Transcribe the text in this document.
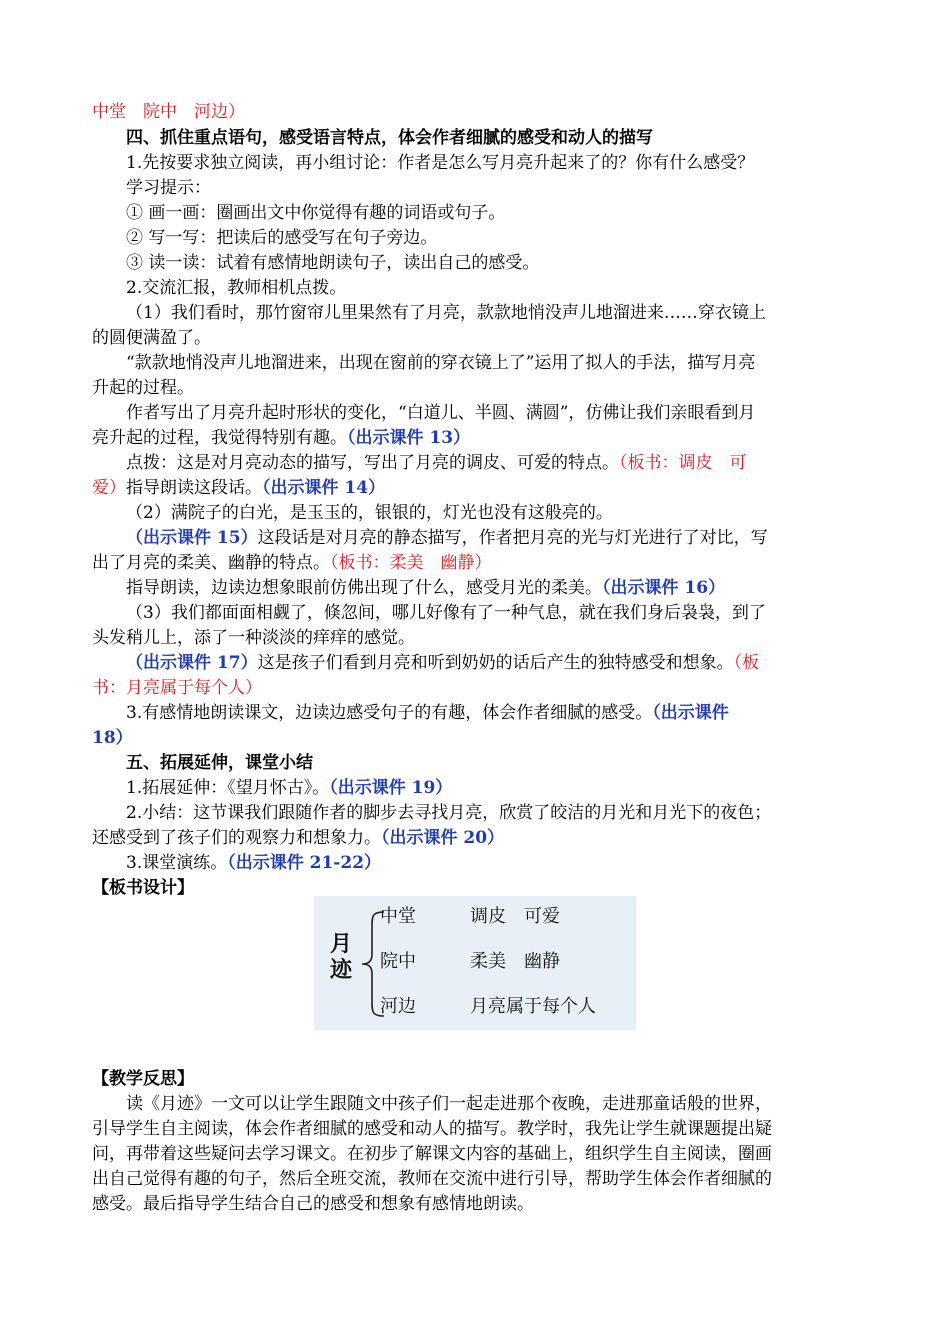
中堂　院中　河边）
四、抓住重点语句，感受语言特点，体会作者细腻的感受和动人的描写
1.先按要求独立阅读，再小组讨论：作者是怎么写月亮升起来了的？你有什么感受？
学习提示：
① 画一画：圈画出文中你觉得有趣的词语或句子。
② 写一写：把读后的感受写在句子旁边。
③ 读一读：试着有感情地朗读句子，读出自己的感受。
2.交流汇报，教师相机点拨。
（1）我们看时，那竹窗帘儿里果然有了月亮，款款地悄没声儿地溜进来……穿衣镜上
的圆便满盈了。
“款款地悄没声儿地溜进来，出现在窗前的穿衣镜上了”运用了拟人的手法，描写月亮
升起的过程。
作者写出了月亮升起时形状的变化，“白道儿、半圆、满圆”，仿佛让我们亲眼看到月
亮升起的过程，我觉得特别有趣。（出示课件 13）
点拨：这是对月亮动态的描写，写出了月亮的调皮、可爱的特点。（板书：调皮　可
爱）指导朗读这段话。（出示课件 14）
（2）满院子的白光，是玉玉的，银银的，灯光也没有这般亮的。
（出示课件 15）这段话是对月亮的静态描写，作者把月亮的光与灯光进行了对比，写
出了月亮的柔美、幽静的特点。（板书：柔美　幽静）
指导朗读，边读边想象眼前仿佛出现了什么，感受月光的柔美。（出示课件 16）
（3）我们都面面相觑了，倏忽间，哪儿好像有了一种气息，就在我们身后袅袅，到了
头发稍儿上，添了一种淡淡的痒痒的感觉。
（出示课件 17）这是孩子们看到月亮和听到奶奶的话后产生的独特感受和想象。（板
书：月亮属于每个人）
3.有感情地朗读课文，边读边感受句子的有趣，体会作者细腻的感受。（出示课件
18）
五、拓展延伸，课堂小结
1.拓展延伸：《望月怀古》。（出示课件 19）
2.小结：这节课我们跟随作者的脚步去寻找月亮，欣赏了皎洁的月光和月光下的夜色；
还感受到了孩子们的观察力和想象力。（出示课件 20）
3.课堂演练。（出示课件 21-22）
【板书设计】
月迹
中堂	调皮　可爱
院中	柔美　幽静
河边	月亮属于每个人
【教学反思】
读《月迹》一文可以让学生跟随文中孩子们一起走进那个夜晚，走进那童话般的世界，
引导学生自主阅读，体会作者细腻的感受和动人的描写。教学时，我先让学生就课题提出疑
问，再带着这些疑问去学习课文。在初步了解课文内容的基础上，组织学生自主阅读，圈画
出自己觉得有趣的句子，然后全班交流，教师在交流中进行引导，帮助学生体会作者细腻的
感受。最后指导学生结合自己的感受和想象有感情地朗读。
